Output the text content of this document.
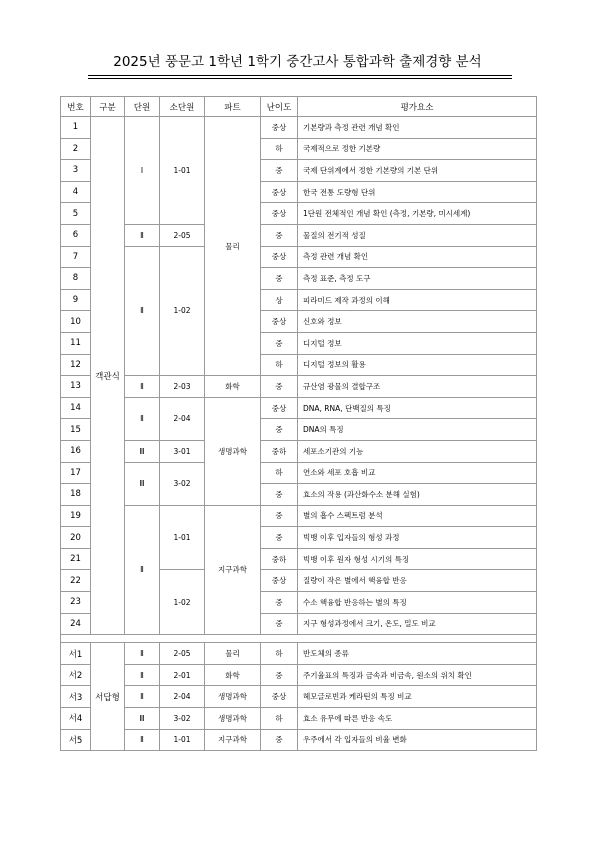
2025년 풍문고 1학년 1학기 중간고사 통합과학 출제경향 분석
번호	구분	단원	소단원	파트	난이도	평가요소
1	객관식	Ⅰ	1-01	물리	중상	기본량과 측정 관련 개념 확인
2					하	국제적으로 정한 기본량
3					중	국제 단위계에서 정한 기본량의 기본 단위
4					중상	한국 전통 도량형 단위
5					중상	1단원 전체적인 개념 확인 (측정, 기본량, 미시세계)
6		Ⅱ	2-05		중	물질의 전기적 성질
7		Ⅱ	1-02		중상	측정 관련 개념 확인
8					중	측정 표준, 측정 도구
9					상	피라미드 제작 과정의 이해
10					중상	신호와 정보
11					중	디지털 정보
12					하	디지털 정보의 활용
13		Ⅱ	2-03	화학	중	규산염 광물의 결합구조
14		Ⅱ	2-04	생명과학	중상	DNA, RNA, 단백질의 특징
15					중	DNA의 특징
16		Ⅲ	3-01		중하	세포소기관의 기능
17		Ⅲ	3-02		하	연소와 세포 호흡 비교
18					중	효소의 작용 (과산화수소 분해 실험)
19		Ⅱ	1-01	지구과학	중	별의 흡수 스펙트럼 분석
20					중	빅뱅 이후 입자들의 형성 과정
21					중하	빅뱅 이후 원자 형성 시기의 특징
22			1-02		중상	질량이 작은 별에서 핵융합 반응
23					중	수소 핵융합 반응하는 별의 특징
24					중	지구 형성과정에서 크기, 온도, 밀도 비교

서1	서답형	Ⅱ	2-05	물리	하	반도체의 종류
서2		Ⅱ	2-01	화학	중	주기율표의 특징과 금속과 비금속, 원소의 위치 확인
서3		Ⅱ	2-04	생명과학	중상	헤모글로빈과 케라틴의 특징 비교
서4		Ⅲ	3-02	생명과학	하	효소 유무에 따른 반응 속도
서5		Ⅱ	1-01	지구과학	중	우주에서 각 입자들의 비율 변화
